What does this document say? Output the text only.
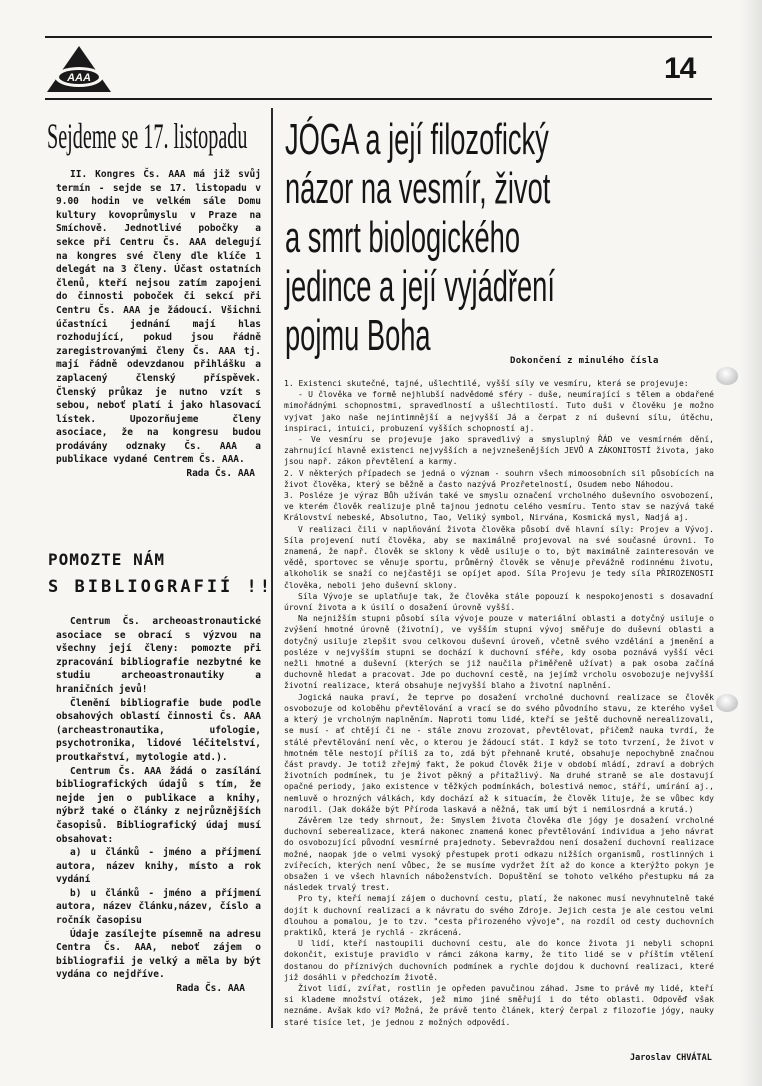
AAA	14
Sejdeme se 17. listopadu

II. Kongres Čs. AAA má již svůj termín - sejde se 17. listopadu v 9.00 hodin ve velkém sále Domu kultury kovoprůmyslu v Praze na Smíchově. Jednotlivé pobočky a sekce při Centru Čs. AAA delegují na kongres své členy dle klíče 1 delegát na 3 členy. Účast ostatních členů, kteří nejsou zatím zapojeni do činnosti poboček či sekcí při Centru Čs. AAA je žádoucí. Všichni účastníci jednání mají hlas rozhodující, pokud jsou řádně zaregistrovanými členy Čs. AAA tj. mají řádně odevzdanou přihlášku a zaplacený členský příspěvek. Členský průkaz je nutno vzít s sebou, neboť platí i jako hlasovací lístek. Upozorňujeme členy asociace, že na kongresu budou prodávány odznaky Čs. AAA a publikace vydané Centrem Čs. AAA.

Rada Čs. AAA

POMOZTE NÁM
S BIBLIOGRAFIÍ !!

Centrum Čs. archeoastronautické asociace se obrací s výzvou na všechny její členy: pomozte při zpracování bibliografie nezbytné ke studiu archeoastronautiky a hraničních jevů!

Členění bibliografie bude podle obsahových oblastí činnosti Čs. AAA (archeastronautika, ufologie, psychotronika, lidové léčitelství, proutkařství, mytologie atd.).

Centrum Čs. AAA žádá o zasílání bibliografických údajů s tím, že nejde jen o publikace a knihy, nýbrž také o články z nejrůznějších časopisů. Bibliografický údaj musí obsahovat:

a) u článků - jméno a příjmení autora, název knihy, místo a rok vydání

b) u článků - jméno a příjmení autora, název článku,název, číslo a ročník časopisu

Údaje zasílejte písemně na adresu Centra Čs. AAA, neboť zájem o bibliografii je velký a měla by být vydána co nejdříve.

Rada Čs. AAA

JÓGA a její filozofický
názor na vesmír, život
a smrt biologického
jedince a její vyjádření
pojmu Boha
Dokončení z minulého čísla

1. Existenci skutečné, tajné, ušlechtilé, vyšší síly ve vesmíru, která se projevuje:

- U člověka ve formě nejhlubší nadvědomé sféry - duše, neumírající s tělem a obdařené mimořádnými schopnostmi, spravedlností a ušlechtilostí. Tuto duši v člověku je možno vyjvat jako naše nejintimnější a nejvyšší Já a čerpat z ní duševní sílu, útěchu, inspiraci, intuici, probuzení vyšších schopností aj.

- Ve vesmíru se projevuje jako spravedlivý a smysluplný ŘÁD ve vesmírném dění, zahrnující hlavně existenci nejvyšších a nejvznešenějších JEVŮ A ZÁKONITOSTÍ života, jako jsou např. zákon převtělení a karmy.

2. V některých případech se jedná o význam - souhrn všech mimoosobních sil působících na život člověka, který se běžně a často nazývá Prozřetelností, Osudem nebo Náhodou.

3. Posléze je výraz Bůh užíván také ve smyslu označení vrcholného duševního osvobození, ve kterém člověk realizuje plně tajnou jednotu celého vesmíru. Tento stav se nazývá také Království nebeské, Absolutno, Tao, Veliký symbol, Nirvána, Kosmická mysl, Nadjá aj.

V realizaci čili v naplňování života člověka působí dvě hlavní síly: Projev a Vývoj. Síla projevení nutí člověka, aby se maximálně projevoval na své současné úrovni. To znamená, že např. člověk se sklony k vědě usiluje o to, být maximálně zainteresován ve vědě, sportovec se věnuje sportu, průměrný člověk se věnuje převážně rodinnému životu, alkoholik se snaží co nejčastěji se opíjet apod. Síla Projevu je tedy síla PŘIROZENOSTI člověka, neboli jeho duševní sklony.

Síla Vývoje se uplatňuje tak, že člověka stále popouzí k nespokojenosti s dosavadní úrovní života a k úsilí o dosažení úrovně vyšší.

Na nejnižším stupni působí síla vývoje pouze v materiální oblasti a dotyčný usiluje o zvýšení hmotné úrovně (životní), ve vyšším stupni vývoj směřuje do duševní oblasti a dotyčný usiluje zlepšit svou celkovou duševní úroveň, včetně svého vzdělání a jmenění a posléze v nejvyšším stupni se dochází k duchovní sféře, kdy osoba poznává vyšší věci nežli hmotné a duševní (kterých se již naučila přiměřeně užívat) a pak osoba začíná duchovně hledat a pracovat. Jde po duchovní cestě, na jejímž vrcholu osvobozuje nejvyšší životní realizace, která obsahuje nejvyšší blaho a životní naplnění.

Jogická nauka praví, že teprve po dosažení vrcholné duchovní realizace se člověk osvobozuje od koloběhu převtělování a vrací se do svého původního stavu, ze kterého vyšel a který je vrcholným naplněním. Naproti tomu lidé, kteří se ještě duchovně nerealizovali, se musí - ať chtějí či ne - stále znovu zrozovat, převtělovat, přičemž nauka tvrdí, že stálé převtělování není věc, o kterou je žádoucí stát. I když se toto tvrzení, že život v hmotném těle nestojí příliš za to, zdá být přehnaně kruté, obsahuje nepochybně značnou část pravdy. Je totiž zřejmý fakt, že pokud člověk žije v období mládí, zdraví a dobrých životních podmínek, tu je život pěkný a přitažlivý. Na druhé straně se ale dostavují opačné periody, jako existence v těžkých podmínkách, bolestivá nemoc, stáří, umírání aj., nemluvě o hrozných válkách, kdy dochází až k situacím, že člověk lituje, že se vůbec kdy narodil. (Jak dokáže být Příroda laskavá a něžná, tak umí být i nemilosrdná a krutá.)

Závěrem lze tedy shrnout, že: Smyslem života člověka dle jógy je dosažení vrcholné duchovní seberealizace, která nakonec znamená konec převtělování individua a jeho návrat do osvobozující původní vesmírné prajednoty. Sebevraždou není dosažení duchovní realizace možné, naopak jde o velmi vysoký přestupek proti odkazu nižších organismů, rostlinných i zvířecích, kterých není vůbec, že se musíme vydržet žít až do konce a kterýžto pokyn je obsažen i ve všech hlavních náboženstvích. Dopuštění se tohoto velkého přestupku má za následek trvalý trest.

Pro ty, kteří nemají zájem o duchovní cestu, platí, že nakonec musí nevyhnutelně také dojít k duchovní realizaci a k návratu do svého Zdroje. Jejich cesta je ale cestou velmi dlouhou a pomalou, je to tzv. "cesta přirozeného vývoje", na rozdíl od cesty duchovních praktiků, která je rychlá - zkrácená.

U lidí, kteří nastoupili duchovní cestu, ale do konce života ji nebyli schopni dokončit, existuje pravidlo v rámci zákona karmy, že tito lidé se v příštím vtělení dostanou do příznivých duchovních podmínek a rychle dojdou k duchovní realizaci, které již dosáhli v předchozím životě.

Život lidí, zvířat, rostlin je opředen pavučinou záhad. Jsme to právě my lidé, kteří si klademe množství otázek, jež mimo jiné směřují i do této oblasti. Odpověď však neznáme. Avšak kdo ví? Možná, že právě tento článek, který čerpal z filozofie jógy, nauky staré tisíce let, je jednou z možných odpovědí.

Jaroslav CHVÁTAL
